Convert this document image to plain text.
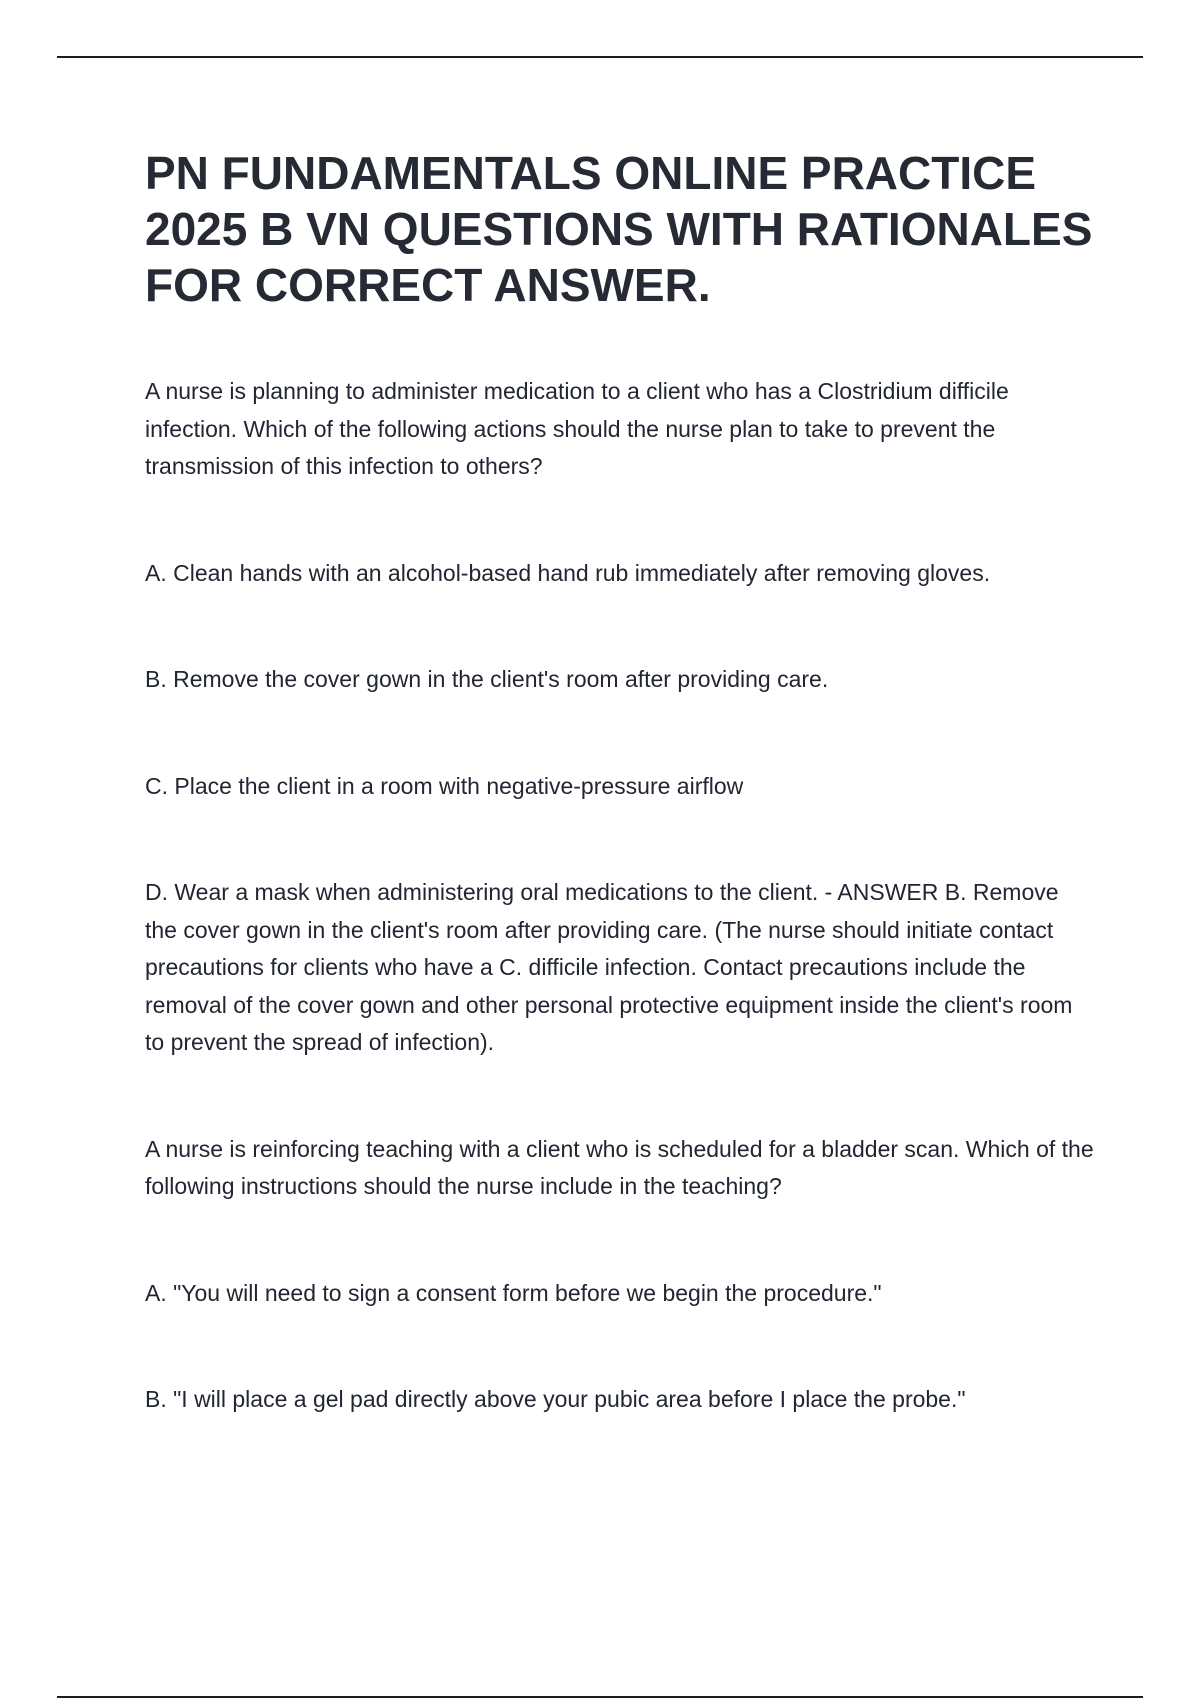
PN FUNDAMENTALS ONLINE PRACTICE 2025 B VN QUESTIONS WITH RATIONALES FOR CORRECT ANSWER.

A nurse is planning to administer medication to a client who has a Clostridium difficile infection. Which of the following actions should the nurse plan to take to prevent the transmission of this infection to others?

A. Clean hands with an alcohol-based hand rub immediately after removing gloves.

B. Remove the cover gown in the client's room after providing care.

C. Place the client in a room with negative-pressure airflow

D. Wear a mask when administering oral medications to the client. - ANSWER B. Remove the cover gown in the client's room after providing care. (The nurse should initiate contact precautions for clients who have a C. difficile infection. Contact precautions include the removal of the cover gown and other personal protective equipment inside the client's room to prevent the spread of infection).

A nurse is reinforcing teaching with a client who is scheduled for a bladder scan. Which of the following instructions should the nurse include in the teaching?

A. "You will need to sign a consent form before we begin the procedure."

B. "I will place a gel pad directly above your pubic area before I place the probe."
